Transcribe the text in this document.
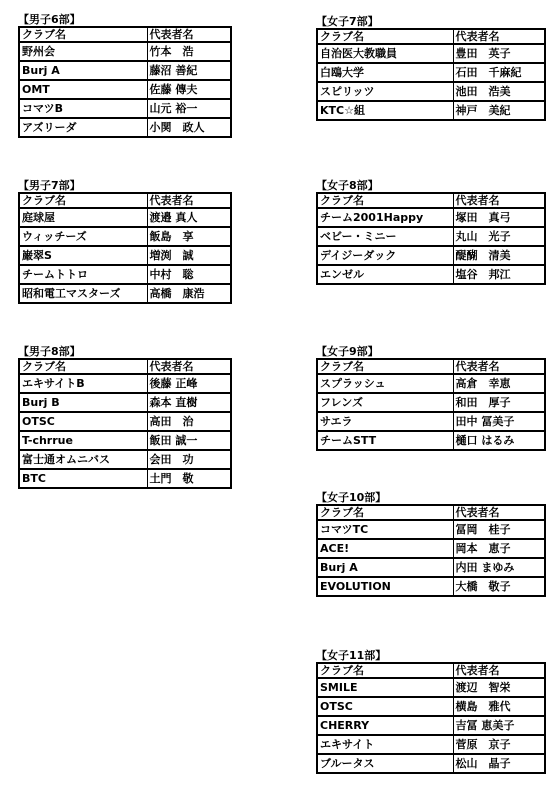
【男子6部】
クラブ名	代表者名
野州会	竹本　浩
Burj A	藤沼 善紀
OMT	佐藤 傳夫
コマツB	山元 裕一
アズリーダ	小関　政人
【男子7部】
クラブ名	代表者名
庭球屋	渡邉 真人
ウィッチーズ	飯島　享
巌翠S	増渕　誠
チームトトロ	中村　聡
昭和電工マスターズ	高橋　康浩
【男子8部】
クラブ名	代表者名
エキサイトB	後藤 正峰
Burj B	森本 直樹
OTSC	高田　治
T-chrrue	飯田 誠一
富士通オムニバス	会田　功
BTC	土門　敬
【女子7部】
クラブ名	代表者名
自治医大教職員	豊田　英子
白鴎大学	石田　千麻紀
スピリッツ	池田　浩美
KTC☆組	神戸　美紀
【女子8部】
クラブ名	代表者名
チーム2001Happy	塚田　真弓
ベビー・ミニー	丸山　光子
デイジーダック	醍醐　清美
エンゼル	塩谷　邦江
【女子9部】
クラブ名	代表者名
スプラッシュ	高倉　幸恵
フレンズ	和田　厚子
サエラ	田中 冨美子
チームSTT	樋口 はるみ
【女子10部】
クラブ名	代表者名
コマツTC	冨岡　桂子
ACE!	岡本　恵子
Burj A	内田 まゆみ
EVOLUTION	大橋　敬子
【女子11部】
クラブ名	代表者名
SMILE	渡辺　智栄
OTSC	横島　雅代
CHERRY	吉冨 恵美子
エキサイト	菅原　京子
ブルータス	松山　晶子
